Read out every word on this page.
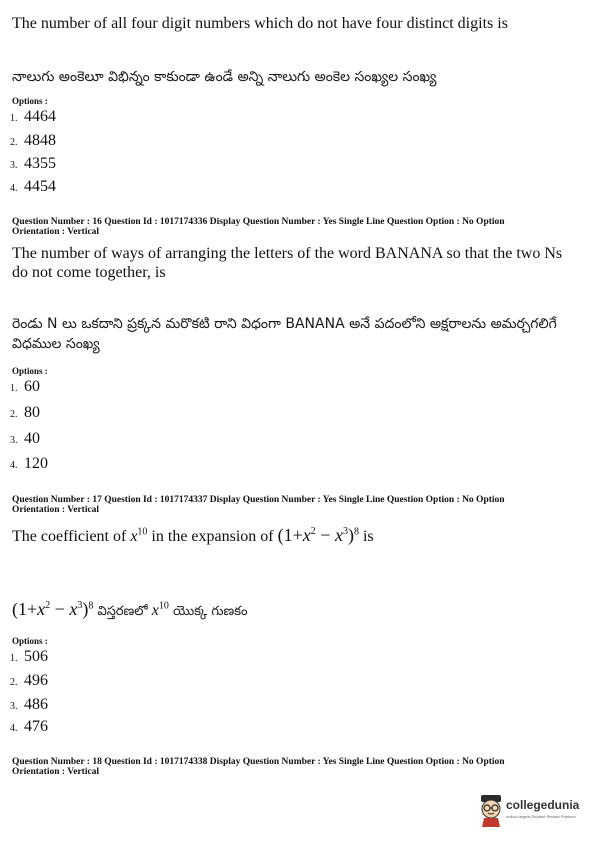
The number of all four digit numbers which do not have four distinct digits is
నాలుగు అంకెలూ విభిన్నం కాకుండా ఉండే అన్ని నాలుగు అంకెల సంఖ్యల సంఖ్య
Options :
1. 4464
2. 4848
3. 4355
4. 4454
Question Number : 16 Question Id : 1017174336 Display Question Number : Yes Single Line Question Option : No Option
Orientation : Vertical
The number of ways of arranging the letters of the word BANANA so that the two Ns do not come together, is
రెండు N లు ఒకదాని ప్రక్కన మరొకటి రాని విధంగా BANANA అనే పదంలోని అక్షరాలను అమర్చగలిగే విధముల సంఖ్య
Options :
1. 60
2. 80
3. 40
4. 120
Question Number : 17 Question Id : 1017174337 Display Question Number : Yes Single Line Question Option : No Option
Orientation : Vertical
The coefficient of $x^{10}$ in the expansion of $(1+x^2 - x^3)^8$ is
$(1+x^2 - x^3)^8$ విస్తరణలో $x^{10}$ యొక్క గుణకం
Options :
1. 506
2. 496
3. 486
4. 476
Question Number : 18 Question Id : 1017174338 Display Question Number : Yes Single Line Question Option : No Option
Orientation : Vertical
collegedunia
India's largest Student Review Platform
